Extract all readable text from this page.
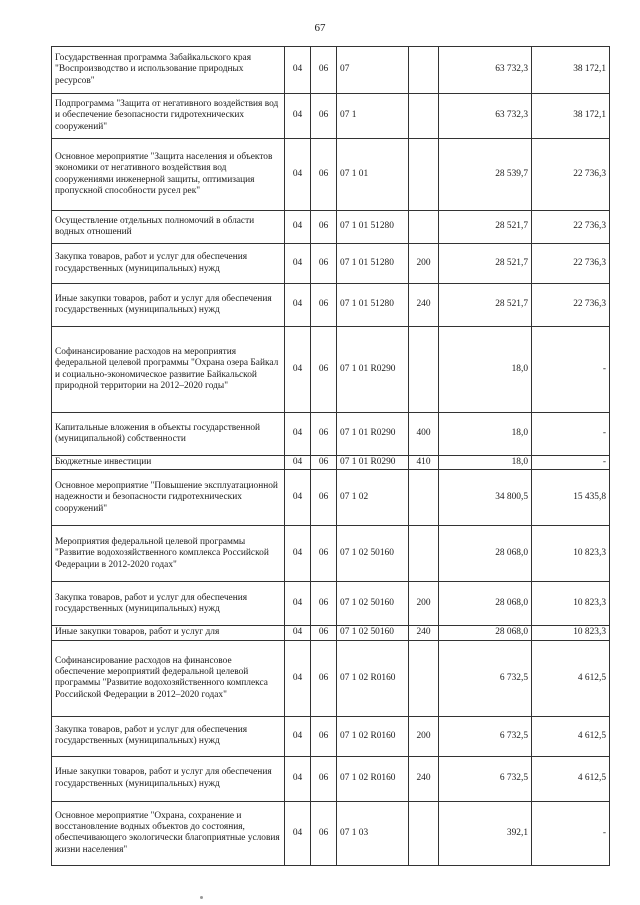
67
Государственная программа Забайкальского края "Воспроизводство и использование природных ресурсов"	04	06	07		63 732,3	38 172,1
Подпрограмма "Защита от негативного воздействия вод и обеспечение безопасности гидротехнических сооружений"	04	06	07 1		63 732,3	38 172,1
Основное мероприятие "Защита населения и объектов экономики от негативного воздействия вод сооружениями инженерной защиты, оптимизация пропускной способности русел рек"	04	06	07 1 01		28 539,7	22 736,3
Осуществление отдельных полномочий в области водных отношений	04	06	07 1 01 51280		28 521,7	22 736,3
Закупка товаров, работ и услуг для обеспечения государственных (муниципальных) нужд	04	06	07 1 01 51280	200	28 521,7	22 736,3
Иные закупки товаров, работ и услуг для обеспечения государственных (муниципальных) нужд	04	06	07 1 01 51280	240	28 521,7	22 736,3
Софинансирование расходов на мероприятия федеральной целевой программы "Охрана озера Байкал и социально-экономическое развитие Байкальской природной территории на 2012–2020 годы"	04	06	07 1 01 R0290		18,0	-
Капитальные вложения в объекты государственной (муниципальной) собственности	04	06	07 1 01 R0290	400	18,0	-
Бюджетные инвестиции	04	06	07 1 01 R0290	410	18,0	-
Основное мероприятие "Повышение эксплуатационной надежности и безопасности гидротехнических сооружений"	04	06	07 1 02		34 800,5	15 435,8
Мероприятия федеральной целевой программы "Развитие водохозяйственного комплекса Российской Федерации в 2012-2020 годах"	04	06	07 1 02 50160		28 068,0	10 823,3
Закупка товаров, работ и услуг для обеспечения государственных (муниципальных) нужд	04	06	07 1 02 50160	200	28 068,0	10 823,3
Иные закупки товаров, работ и услуг для	04	06	07 1 02 50160	240	28 068,0	10 823,3
Софинансирование расходов на финансовое обеспечение мероприятий федеральной целевой программы "Развитие водохозяйственного комплекса Российской Федерации в 2012–2020 годах"	04	06	07 1 02 R0160		6 732,5	4 612,5
Закупка товаров, работ и услуг для обеспечения государственных (муниципальных) нужд	04	06	07 1 02 R0160	200	6 732,5	4 612,5
Иные закупки товаров, работ и услуг для обеспечения государственных (муниципальных) нужд	04	06	07 1 02 R0160	240	6 732,5	4 612,5
Основное мероприятие "Охрана, сохранение и восстановление водных объектов до состояния, обеспечивающего экологически благоприятные условия жизни населения"	04	06	07 1 03		392,1	-
